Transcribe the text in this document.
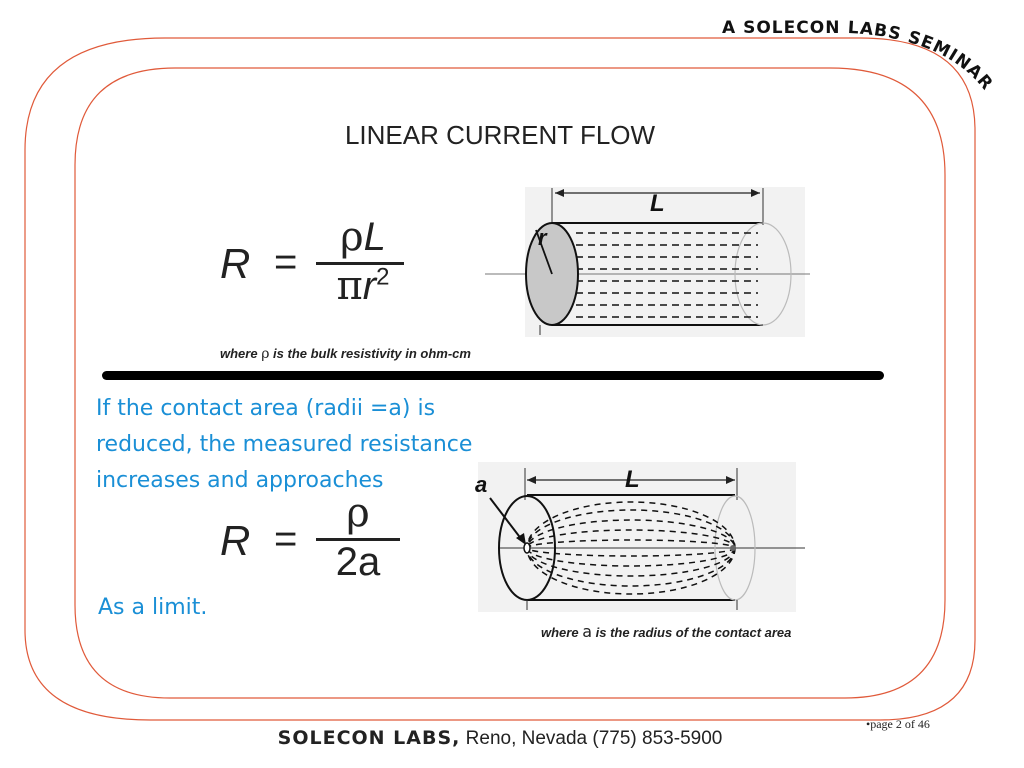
A SOLECON LABS SEMINAR
LINEAR CURRENT FLOW
R =
ρL
$\pi r^2$
where ρ is the bulk resistivity in ohm-cm
L
r
If the contact area (radii =a) is
reduced, the measured resistance
increases and approaches
R =
ρ
2a
As a limit.
L
a
where a is the radius of the contact area
SOLECON LABS, Reno, Nevada (775) 853-5900
•page 2 of 46
